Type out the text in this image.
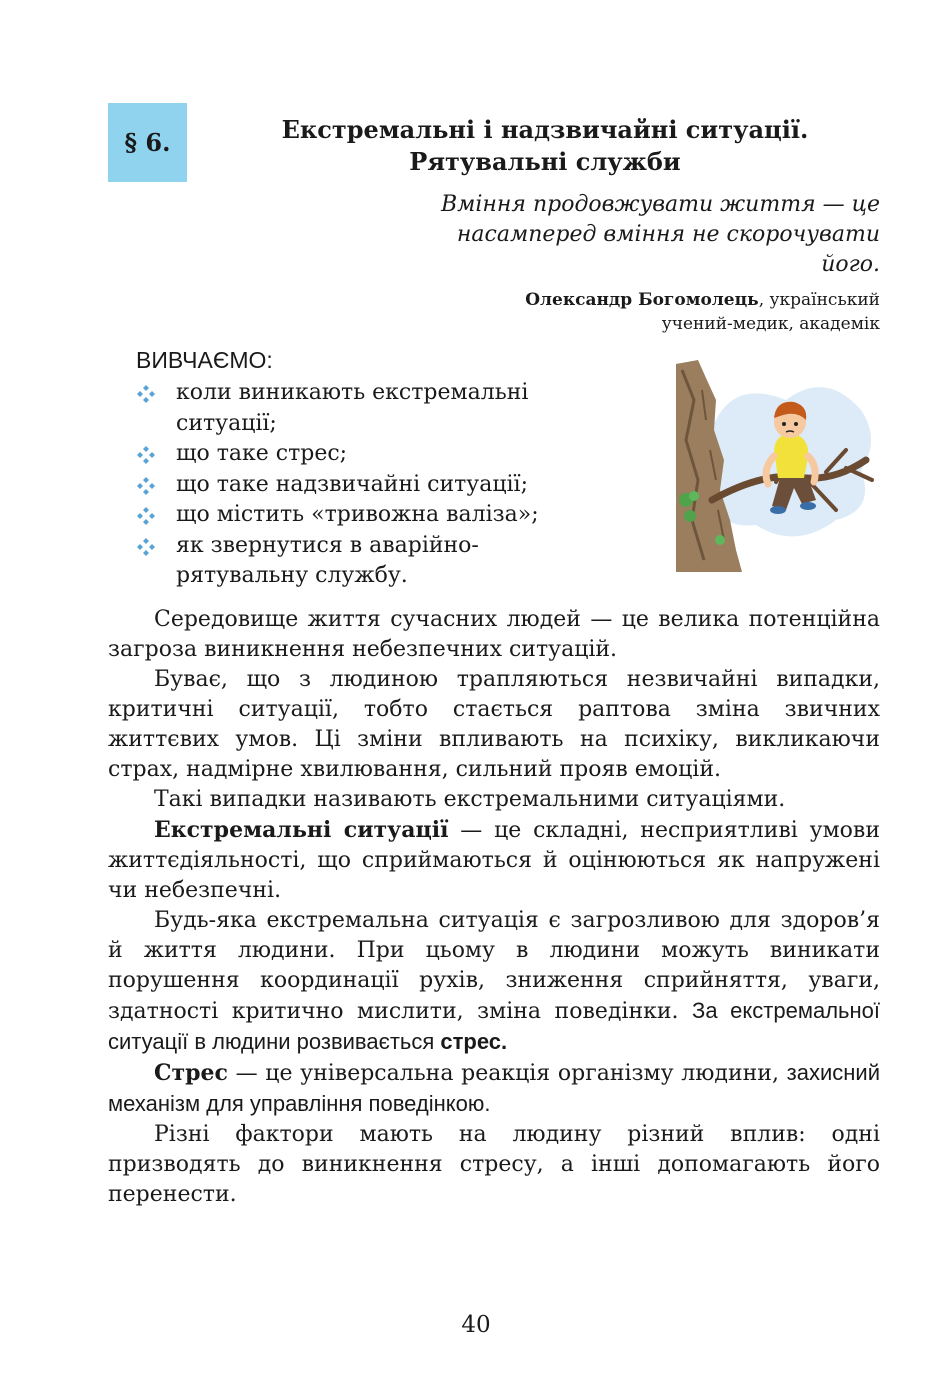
§ 6.	Екстремальні і надзвичайні ситуації.
Рятувальні служби
Вміння продовжувати життя — це
насамперед вміння не скорочувати
його.
Олександр Богомолець, український
учений-медик, академік
ВИВЧАЄМО:
коли виникають екстремальні
ситуації;
що таке стрес;
що таке надзвичайні ситуації;
що містить «тривожна валіза»;
як звернутися в аварійно-
рятувальну службу.

Середовище життя сучасних людей — це велика потенційна загроза виникнення небезпечних ситуацій.

Буває, що з людиною трапляються незвичайні випадки, критичні ситуації, тобто стається раптова зміна звичних життєвих умов. Ці зміни впливають на психіку, викликаючи страх, надмірне хвилювання, сильний прояв емоцій.

Такі випадки називають екстремальними ситуаціями.

Екстремальні ситуації — це складні, несприятливі умови життєдіяльності, що сприймаються й оцінюються як напружені чи небезпечні.

Будь-яка екстремальна ситуація є загрозливою для здоров’я й життя людини. При цьому в людини можуть виникати порушення координації рухів, зниження сприйняття, уваги, здатності критично мислити, зміна поведінки. За екстремальної ситуації в людини розвивається стрес.

Стрес — це універсальна реакція організму людини, захисний механізм для управління поведінкою.

Різні фактори мають на людину різний вплив: одні призводять до виникнення стресу, а інші допомагають його перенести.

40
